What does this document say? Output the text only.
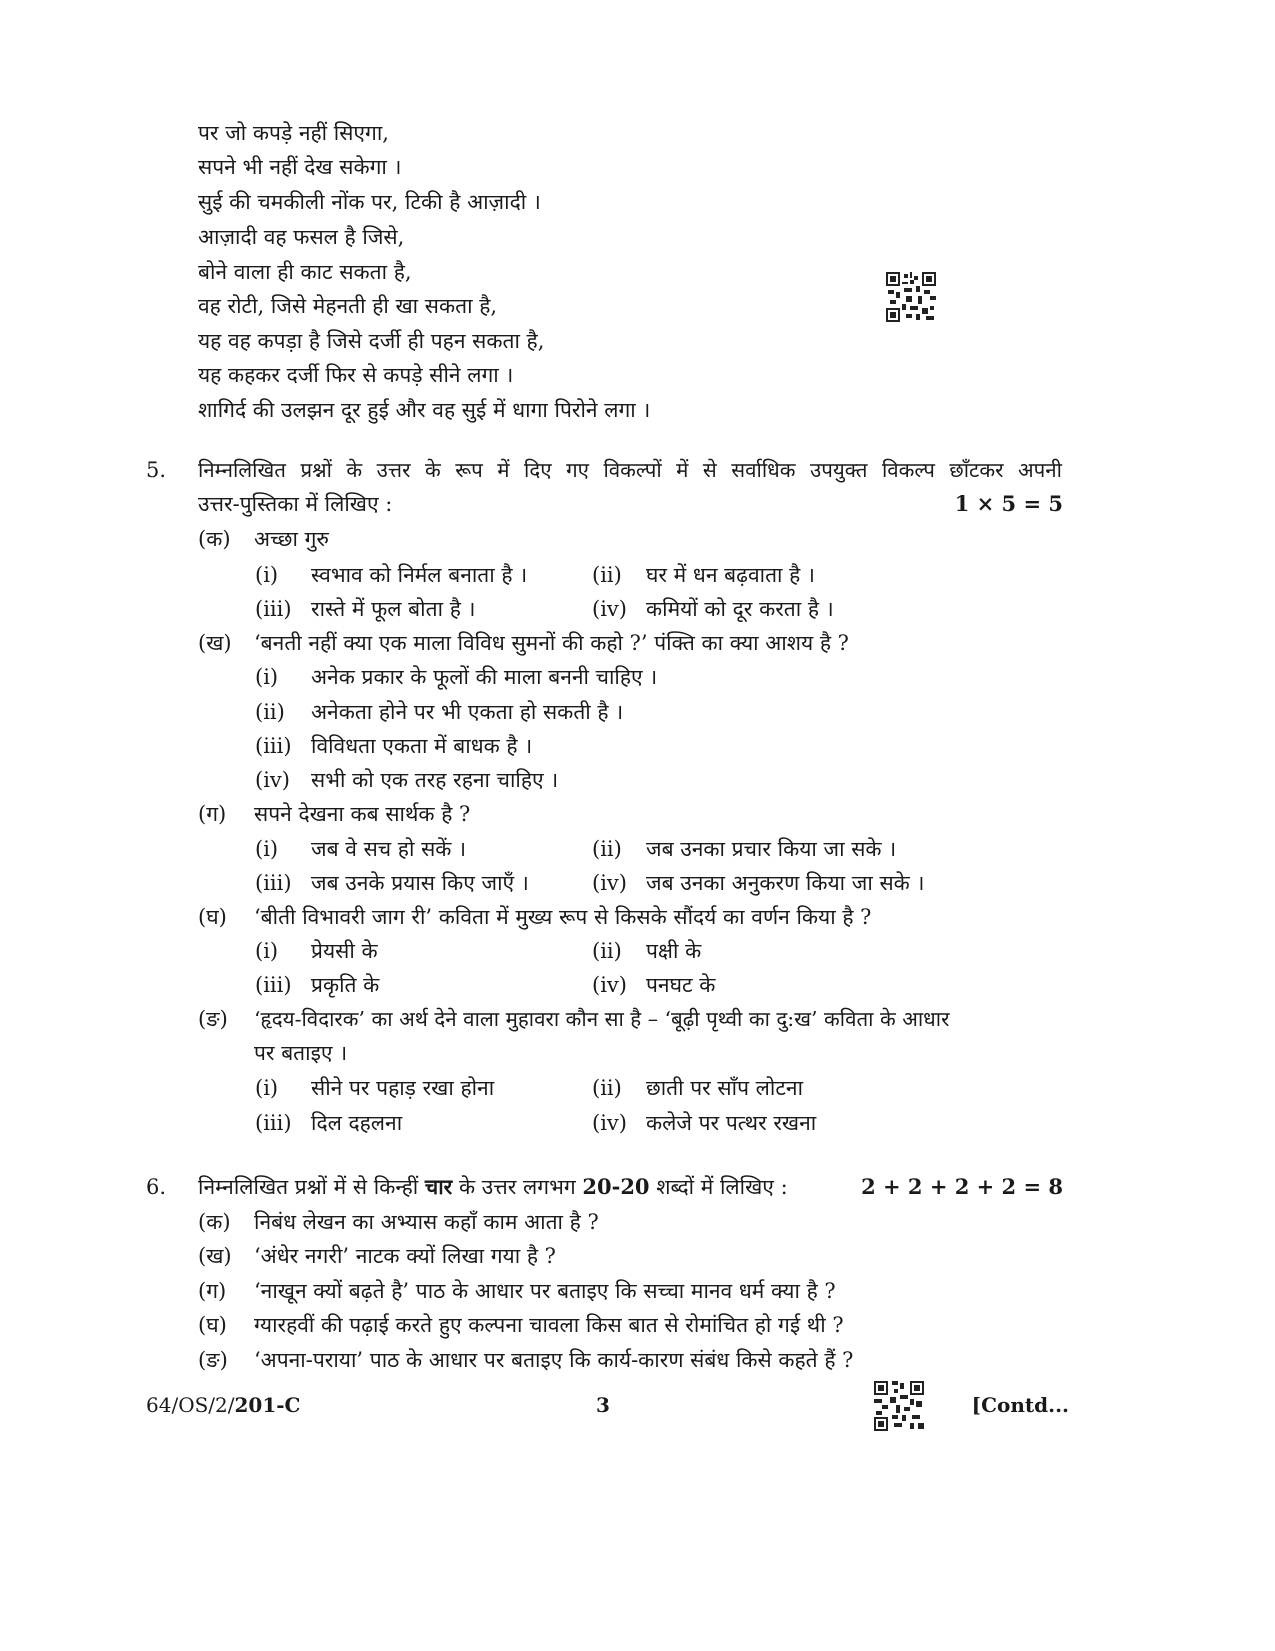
पर जो कपड़े नहीं सिएगा,
सपने भी नहीं देख सकेगा ।
सुई की चमकीली नोंक पर, टिकी है आज़ादी ।
आज़ादी वह फसल है जिसे,
बोने वाला ही काट सकता है,
वह रोटी, जिसे मेहनती ही खा सकता है,
यह वह कपड़ा है जिसे दर्जी ही पहन सकता है,
यह कहकर दर्जी फिर से कपड़े सीने लगा ।
शागिर्द की उलझन दूर हुई और वह सुई में धागा पिरोने लगा ।
5. निम्नलिखित प्रश्नों के उत्तर के रूप में दिए गए विकल्पों में से सर्वाधिक उपयुक्त विकल्प छाँटकर अपनी
उत्तर-पुस्तिका में लिखिए :	1 × 5 = 5
(क) अच्छा गुरु
(i) स्वभाव को निर्मल बनाता है ।	(ii) घर में धन बढ़वाता है ।
(iii) रास्ते में फूल बोता है ।	(iv) कमियों को दूर करता है ।
(ख) ‘बनती नहीं क्या एक माला विविध सुमनों की कहो ?’ पंक्ति का क्या आशय है ?
(i) अनेक प्रकार के फूलों की माला बननी चाहिए ।
(ii) अनेकता होने पर भी एकता हो सकती है ।
(iii) विविधता एकता में बाधक है ।
(iv) सभी को एक तरह रहना चाहिए ।
(ग) सपने देखना कब सार्थक है ?
(i) जब वे सच हो सकें ।	(ii) जब उनका प्रचार किया जा सके ।
(iii) जब उनके प्रयास किए जाएँ ।	(iv) जब उनका अनुकरण किया जा सके ।
(घ) ‘बीती विभावरी जाग री’ कविता में मुख्य रूप से किसके सौंदर्य का वर्णन किया है ?
(i) प्रेयसी के	(ii) पक्षी के
(iii) प्रकृति के	(iv) पनघट के
(ङ) ‘हृदय-विदारक’ का अर्थ देने वाला मुहावरा कौन सा है – ‘बूढ़ी पृथ्वी का दु:ख’ कविता के आधार
पर बताइए ।
(i) सीने पर पहाड़ रखा होना	(ii) छाती पर साँप लोटना
(iii) दिल दहलना	(iv) कलेजे पर पत्थर रखना
6. निम्नलिखित प्रश्नों में से किन्हीं चार के उत्तर लगभग 20-20 शब्दों में लिखिए :	2 + 2 + 2 + 2 = 8
(क) निबंध लेखन का अभ्यास कहाँ काम आता है ?
(ख) ‘अंधेर नगरी’ नाटक क्यों लिखा गया है ?
(ग) ‘नाखून क्यों बढ़ते है’ पाठ के आधार पर बताइए कि सच्चा मानव धर्म क्या है ?
(घ) ग्यारहवीं की पढ़ाई करते हुए कल्पना चावला किस बात से रोमांचित हो गई थी ?
(ङ) ‘अपना-पराया’ पाठ के आधार पर बताइए कि कार्य-कारण संबंध किसे कहते हैं ?
64/OS/2/201-C	3	[Contd...
